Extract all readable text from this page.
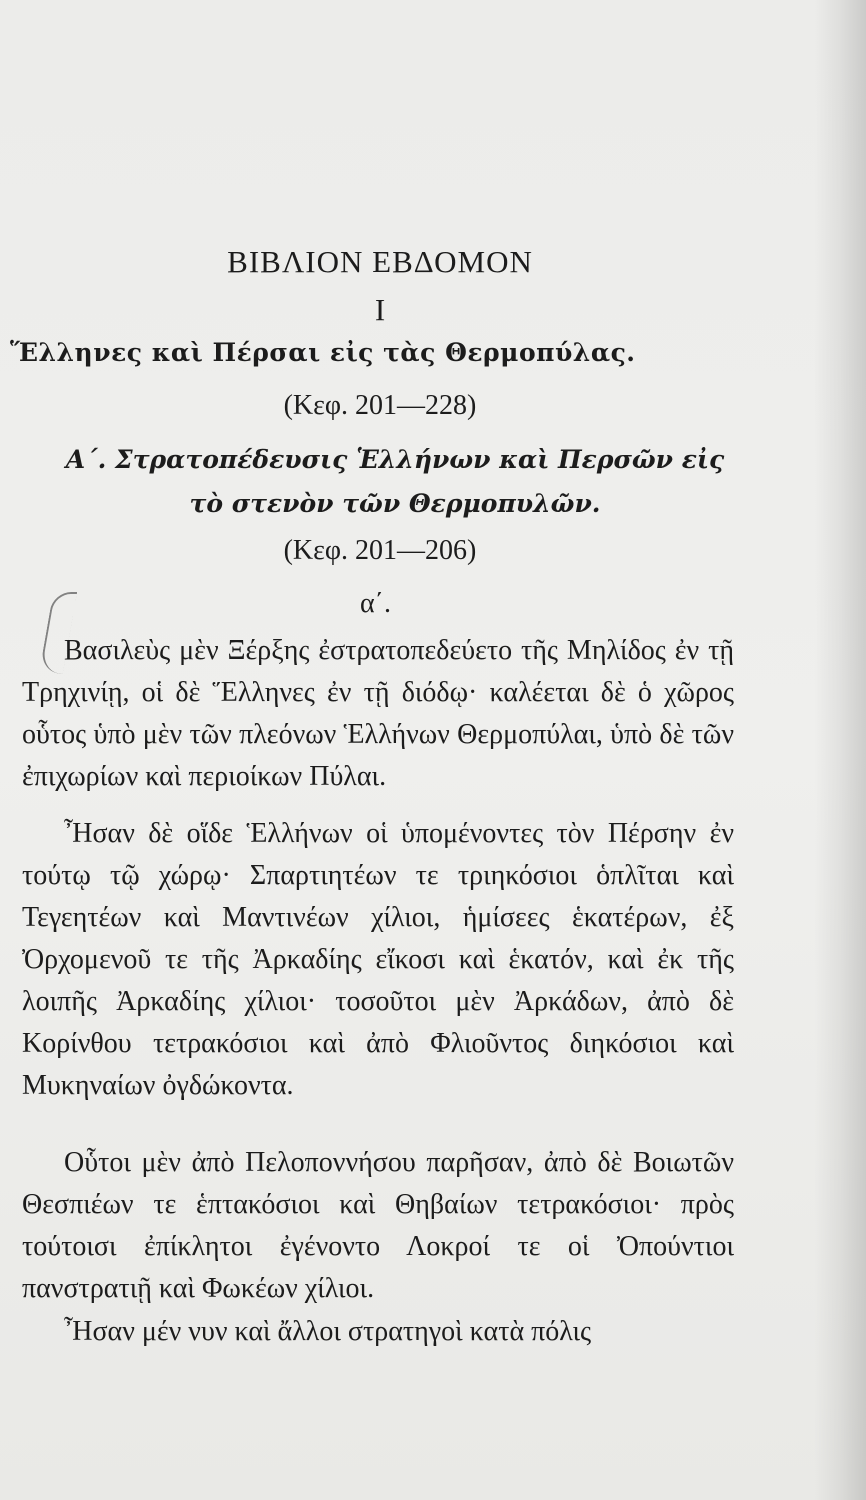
ΒΙΒΛΙΟΝ ΕΒΔΟΜΟΝ
Ι
Ἕλληνες καὶ Πέρσαι εἰς τὰς Θερμοπύλας.
(Κεφ. 201—228)
Α΄. Στρατοπέδευσις Ἑλλήνων καὶ Περσῶν εἰς τὸ στενὸν τῶν Θερμοπυλῶν.
(Κεφ. 201—206)
α΄.

Βασιλεὺς μὲν Ξέρξης ἐστρατοπεδεύετο τῆς Μηλίδος ἐν τῇ Τρηχινίῃ, οἱ δὲ Ἕλληνες ἐν τῇ διόδῳ· καλέεται δὲ ὁ χῶρος οὗτος ὑπὸ μὲν τῶν πλεόνων Ἑλλήνων Θερμοπύλαι, ὑπὸ δὲ τῶν ἐπιχωρίων καὶ περιοίκων Πύλαι.

Ἦσαν δὲ οἵδε Ἑλλήνων οἱ ὑπομένοντες τὸν Πέρσην ἐν τούτῳ τῷ χώρῳ· Σπαρτιητέων τε τριηκόσιοι ὁπλῖται καὶ Τεγεητέων καὶ Μαντινέων χίλιοι, ἡμίσεες ἑκατέρων, ἐξ Ὀρχομενοῦ τε τῆς Ἀρκαδίης εἴκοσι καὶ ἑκατόν, καὶ ἐκ τῆς λοιπῆς Ἀρκαδίης χίλιοι· τοσοῦτοι μὲν Ἀρκάδων, ἀπὸ δὲ Κορίνθου τετρακόσιοι καὶ ἀπὸ Φλιοῦντος διηκόσιοι καὶ Μυκηναίων ὀγδώκοντα.

Οὗτοι μὲν ἀπὸ Πελοποννήσου παρῆσαν, ἀπὸ δὲ Βοιωτῶν Θεσπιέων τε ἑπτακόσιοι καὶ Θηβαίων τετρακόσιοι· πρὸς τούτοισι ἐπίκλητοι ἐγένοντο Λοκροί τε οἱ Ὀπούντιοι πανστρατιῇ καὶ Φωκέων χίλιοι.

Ἦσαν μέν νυν καὶ ἄλλοι στρατηγοὶ κατὰ πόλις
